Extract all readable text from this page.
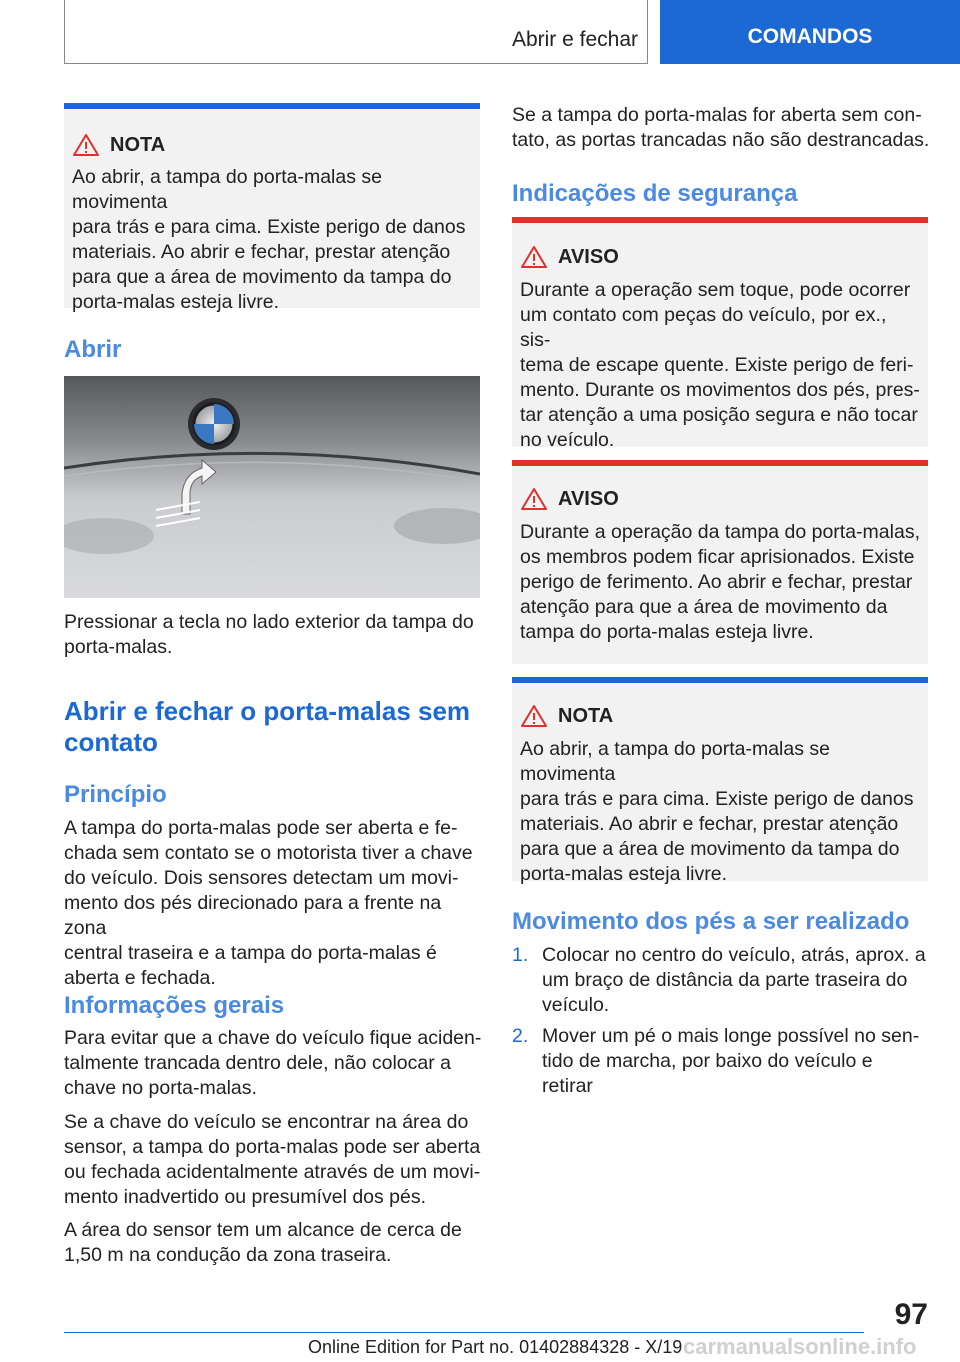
Abrir e fechar	COMANDOS
NOTA

Ao abrir, a tampa do porta-malas se movimenta

para trás e para cima. Existe perigo de danos

materiais. Ao abrir e fechar, prestar atenção

para que a área de movimento da tampa do

porta-malas esteja livre.

Abrir

Pressionar a tecla no lado exterior da tampa do

porta-malas.

Abrir e fechar o porta-malas sem

contato

Princípio

A tampa do porta-malas pode ser aberta e fe-

chada sem contato se o motorista tiver a chave

do veículo. Dois sensores detectam um movi-

mento dos pés direcionado para a frente na zona

central traseira e a tampa do porta-malas é

aberta e fechada.

Informações gerais

Para evitar que a chave do veículo fique aciden-

talmente trancada dentro dele, não colocar a

chave no porta-malas.

Se a chave do veículo se encontrar na área do

sensor, a tampa do porta-malas pode ser aberta

ou fechada acidentalmente através de um movi-

mento inadvertido ou presumível dos pés.

A área do sensor tem um alcance de cerca de

1,50 m na condução da zona traseira.

Se a tampa do porta-malas for aberta sem con-

tato, as portas trancadas não são destrancadas.

Indicações de segurança
AVISO

Durante a operação sem toque, pode ocorrer

um contato com peças do veículo, por ex., sis-

tema de escape quente. Existe perigo de feri-

mento. Durante os movimentos dos pés, pres-

tar atenção a uma posição segura e não tocar

no veículo.

AVISO

Durante a operação da tampa do porta-malas,

os membros podem ficar aprisionados. Existe

perigo de ferimento. Ao abrir e fechar, prestar

atenção para que a área de movimento da

tampa do porta-malas esteja livre.

NOTA

Ao abrir, a tampa do porta-malas se movimenta

para trás e para cima. Existe perigo de danos

materiais. Ao abrir e fechar, prestar atenção

para que a área de movimento da tampa do

porta-malas esteja livre.

Movimento dos pés a ser realizado
1. Colocar no centro do veículo, atrás, aprox. a

um braço de distância da parte traseira do

veículo.

2. Mover um pé o mais longe possível no sen-

tido de marcha, por baixo do veículo e retirar

97
Online Edition for Part no. 01402884328 - X/19 carmanualsonline.info
